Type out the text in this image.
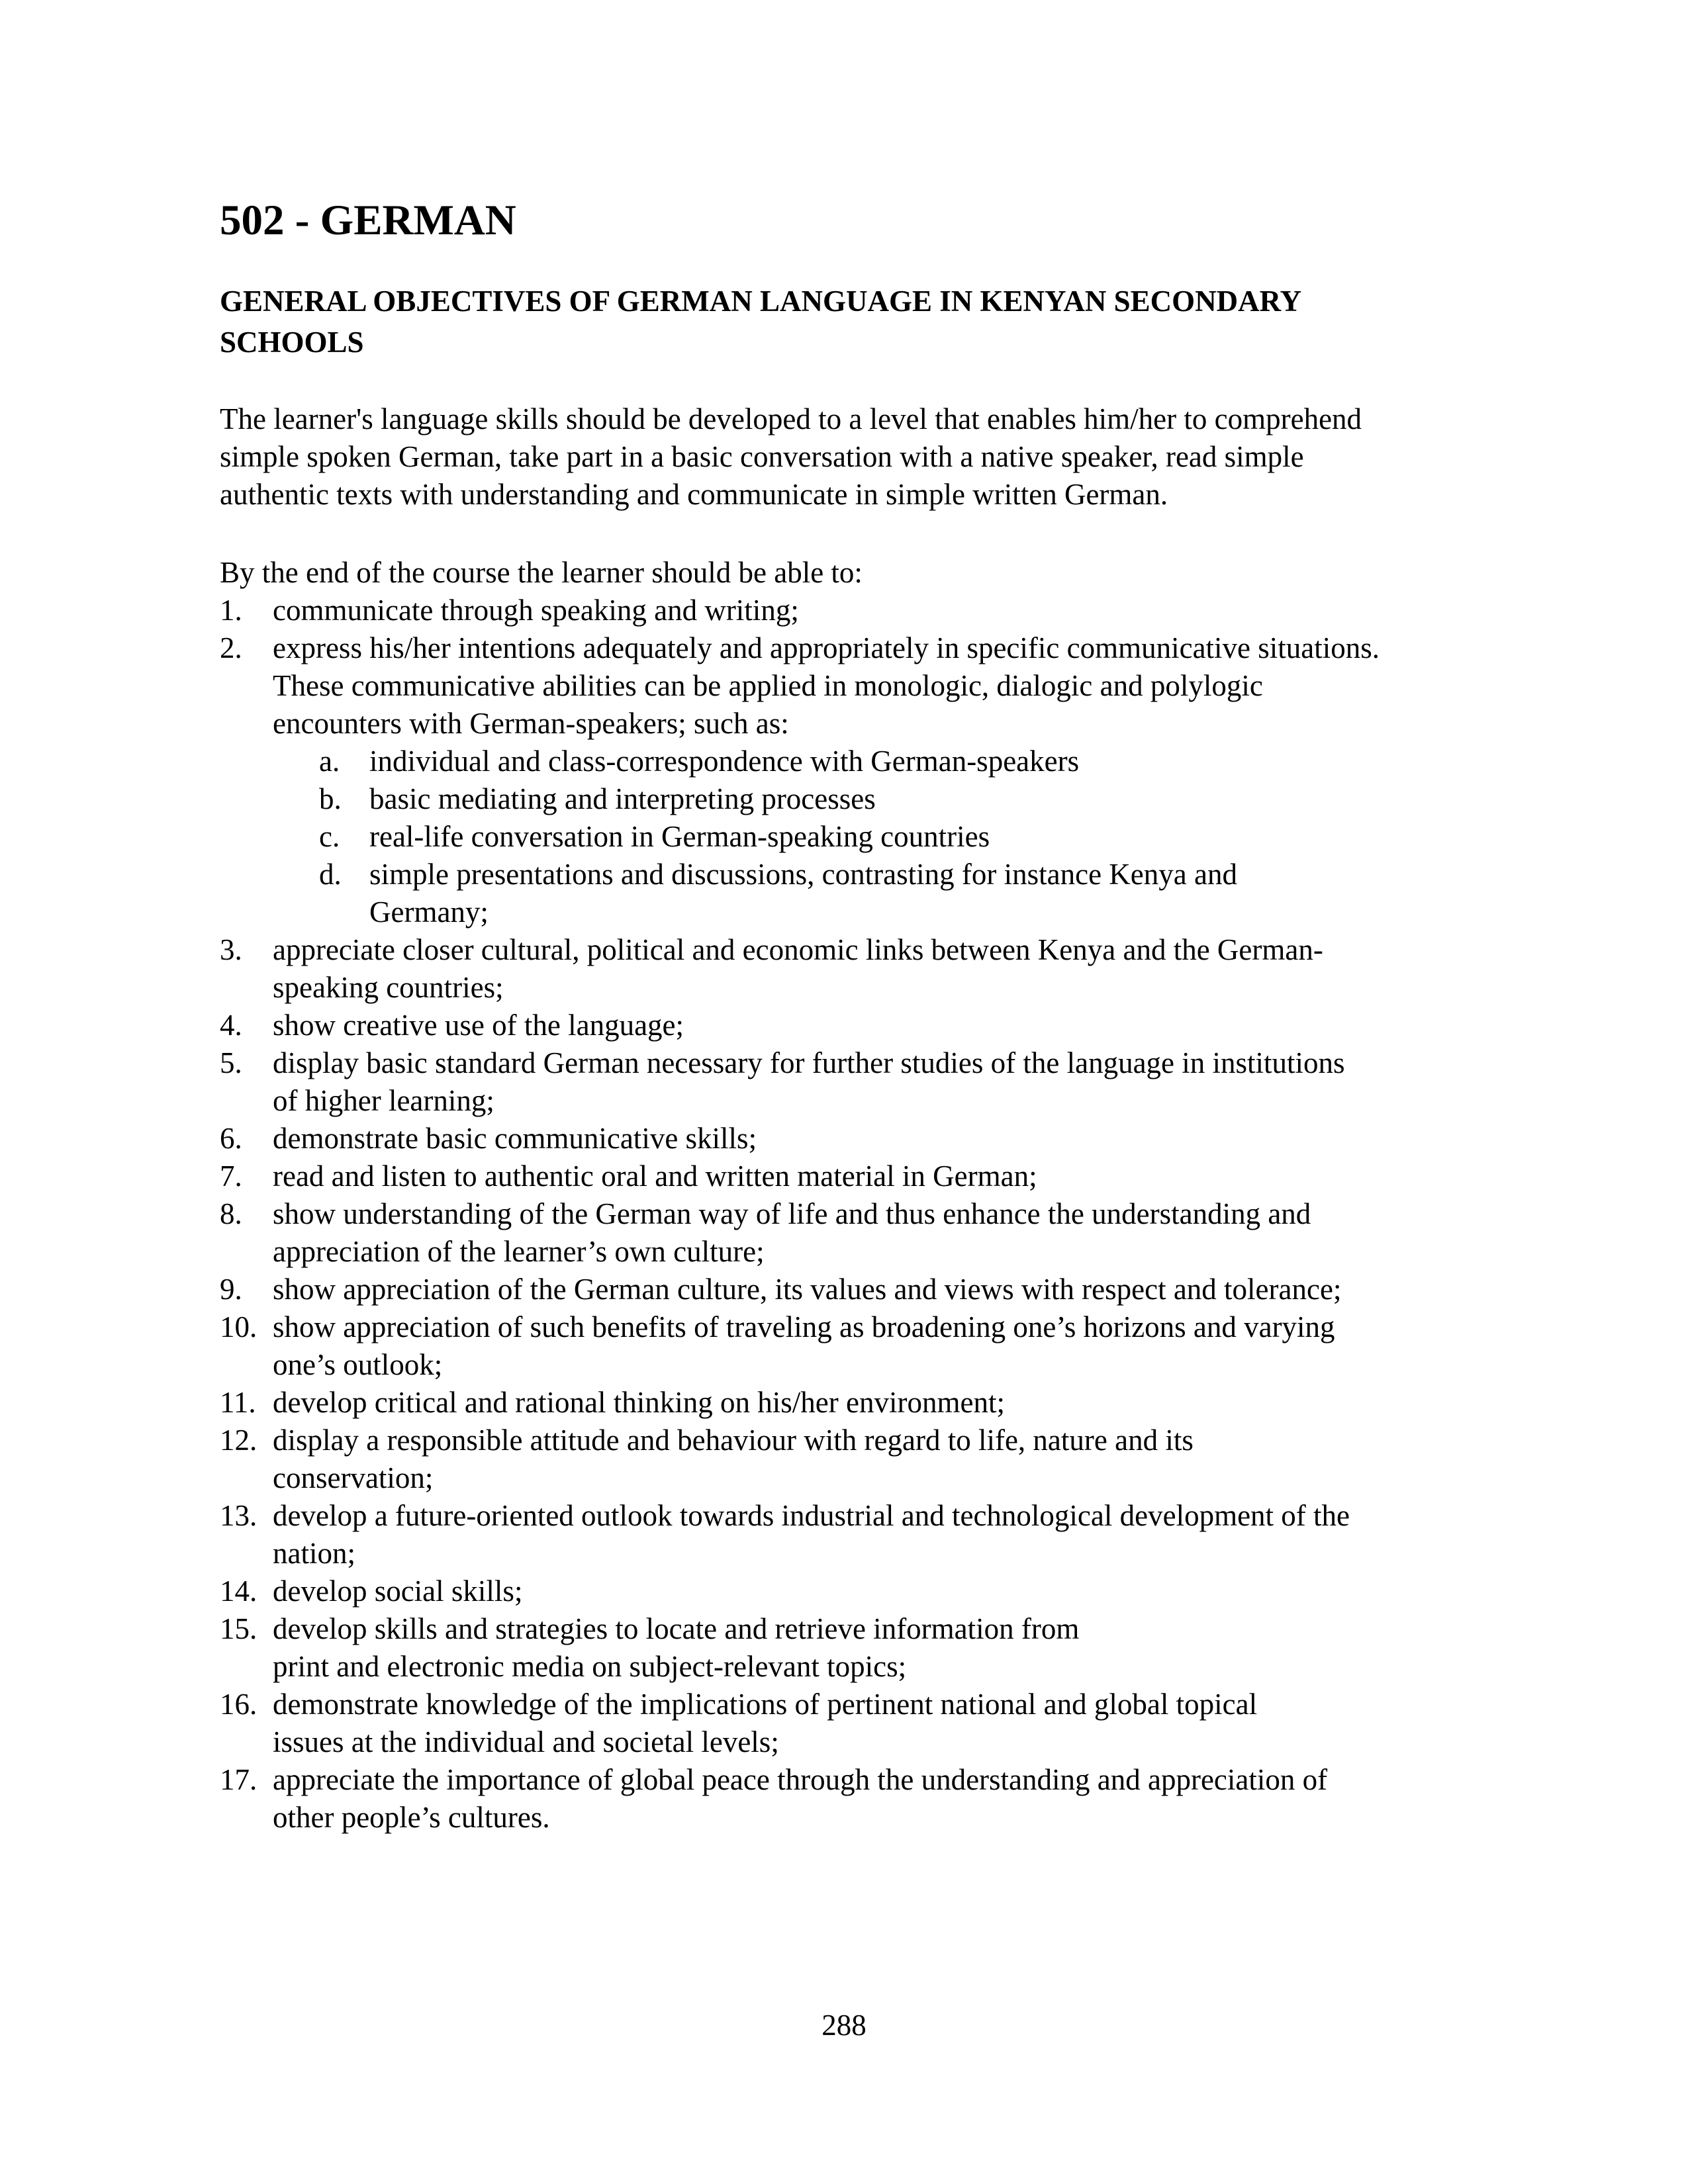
502 - GERMAN
GENERAL OBJECTIVES OF GERMAN LANGUAGE IN KENYAN SECONDARY
SCHOOLS
The learner's language skills should be developed to a level that enables him/her to comprehend
simple spoken German, take part in a basic conversation with a native speaker, read simple
authentic texts with understanding and communicate in simple written German.
By the end of the course the learner should be able to:
1. communicate through speaking and writing;
2. express his/her intentions adequately and appropriately in specific communicative situations.
These communicative abilities can be applied in monologic, dialogic and polylogic
encounters with German-speakers; such as:
a. individual and class-correspondence with German-speakers
b. basic mediating and interpreting processes
c. real-life conversation in German-speaking countries
d. simple presentations and discussions, contrasting for instance Kenya and
Germany;
3. appreciate closer cultural, political and economic links between Kenya and the German-
speaking countries;
4. show creative use of the language;
5. display basic standard German necessary for further studies of the language in institutions
of higher learning;
6. demonstrate basic communicative skills;
7. read and listen to authentic oral and written material in German;
8. show understanding of the German way of life and thus enhance the understanding and
appreciation of the learner’s own culture;
9. show appreciation of the German culture, its values and views with respect and tolerance;
10. show appreciation of such benefits of traveling as broadening one’s horizons and varying
one’s outlook;
11. develop critical and rational thinking on his/her environment;
12. display a responsible attitude and behaviour with regard to life, nature and its
conservation;
13. develop a future-oriented outlook towards industrial and technological development of the
nation;
14. develop social skills;
15. develop skills and strategies to locate and retrieve information from
print and electronic media on subject-relevant topics;
16. demonstrate knowledge of the implications of pertinent national and global topical
issues at the individual and societal levels;
17. appreciate the importance of global peace through the understanding and appreciation of
other people’s cultures.
288
